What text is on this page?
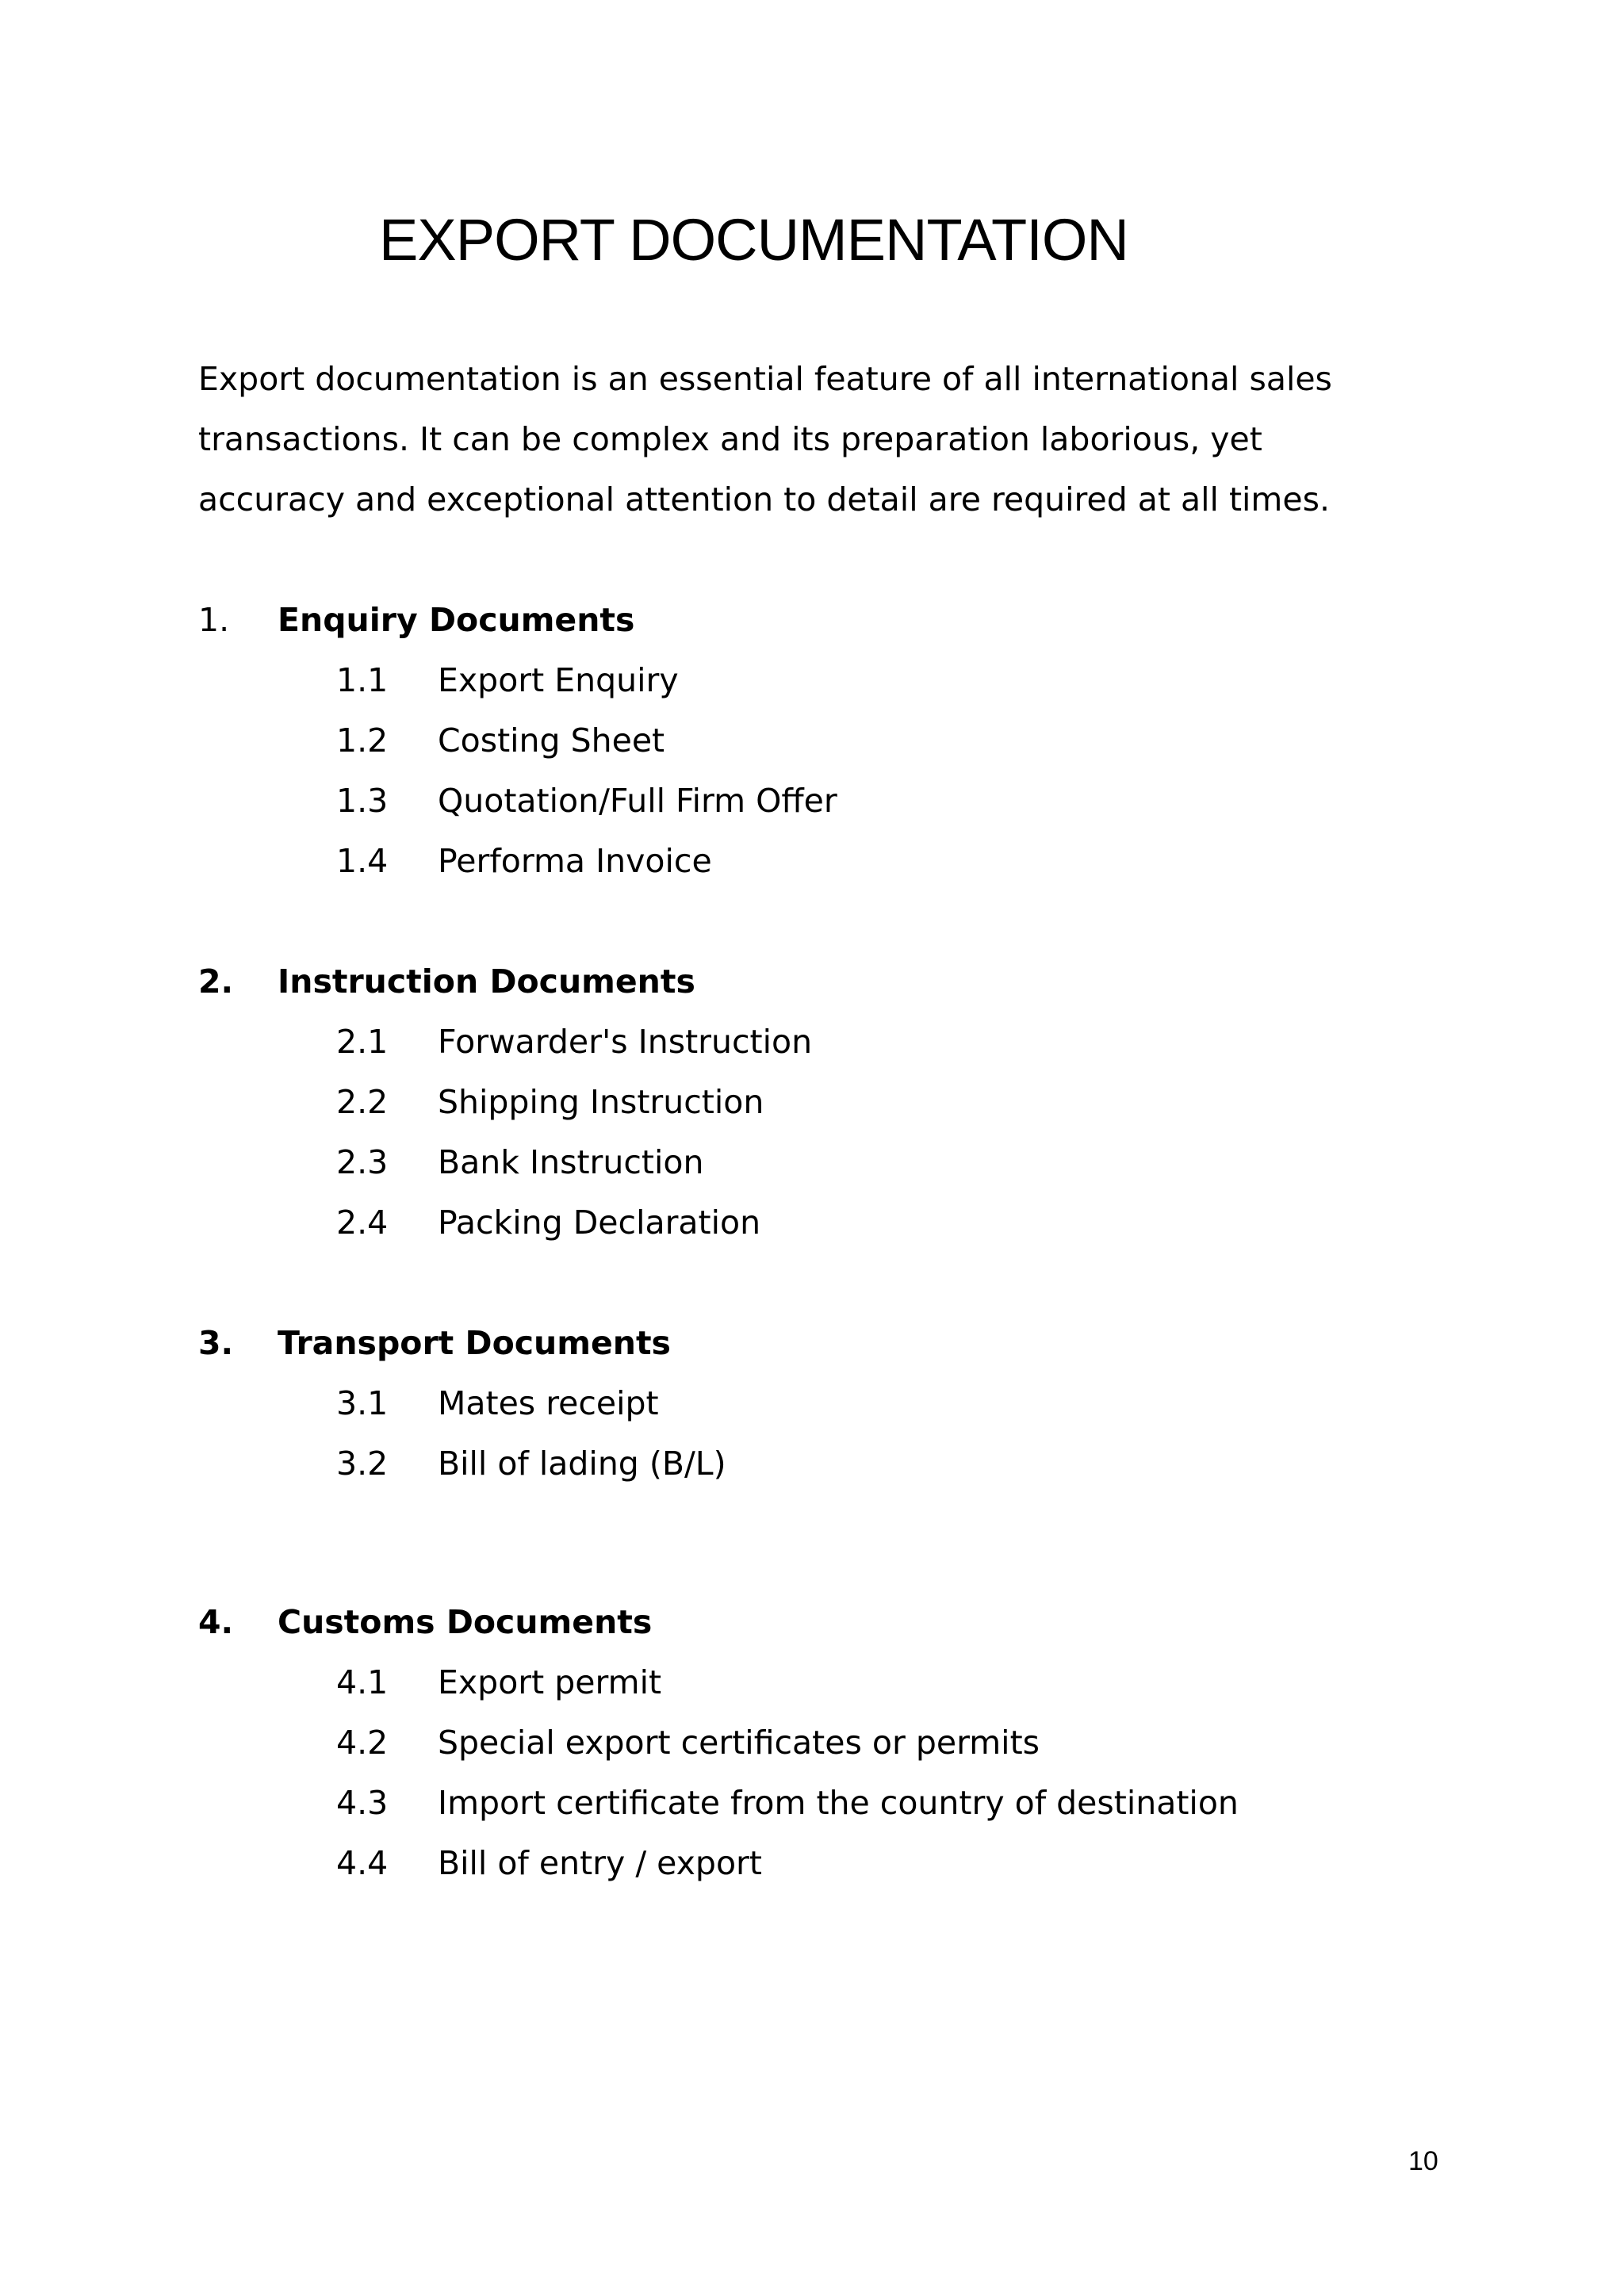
EXPORT DOCUMENTATION

Export documentation is an essential feature of all international sales
transactions. It can be complex and its preparation laborious, yet
accuracy and exceptional attention to detail are required at all times.

1. Enquiry Documents
1.1 Export Enquiry
1.2 Costing Sheet
1.3 Quotation/Full Firm Offer
1.4 Performa Invoice
2. Instruction Documents
2.1 Forwarder's Instruction
2.2 Shipping Instruction
2.3 Bank Instruction
2.4 Packing Declaration
3. Transport Documents
3.1 Mates receipt
3.2 Bill of lading (B/L)
4. Customs Documents
4.1 Export permit
4.2 Special export certificates or permits
4.3 Import certificate from the country of destination
4.4 Bill of entry / export
10
